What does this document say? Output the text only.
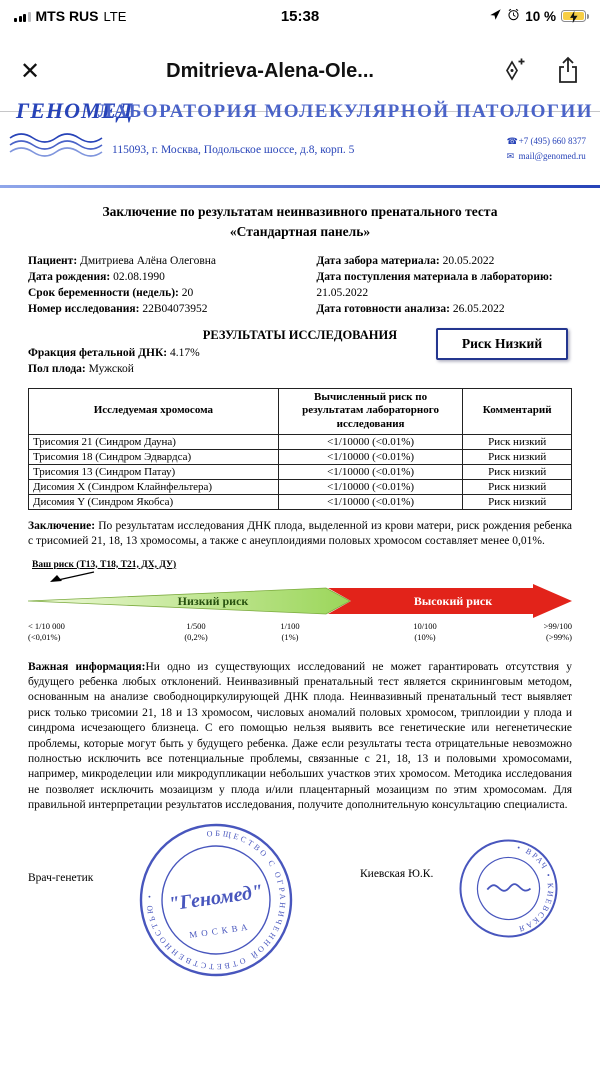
MTS RUS LTE	15:38	10 %
✕	Dmitrieva-Alena-Ole...
ГЕНОМЕД
ЛАБОРАТОРИЯ МОЛЕКУЛЯРНОЙ ПАТОЛОГИИ
115093, г. Москва, Подольское шоссе, д.8, корп. 5
☎+7 (495) 660 8377
✉ mail@genomed.ru
Заключение по результатам неинвазивного пренатального теста
«Стандартная панель»
Пациент: Дмитриева Алёна Олеговна
Дата рождения: 02.08.1990
Срок беременности (недель): 20
Номер исследования: 22B04073952
Дата забора материала: 20.05.2022
Дата поступления материала в лабораторию: 21.05.2022
Дата готовности анализа: 26.05.2022
РЕЗУЛЬТАТЫ ИССЛЕДОВАНИЯ
Фракция фетальной ДНК: 4.17%
Пол плода: Мужской
Риск Низкий
Исследуемая хромосома	Вычисленный риск по результатам лабораторного исследования	Комментарий
Трисомия 21 (Синдром Дауна)	<1/10000 (<0.01%)	Риск низкий
Трисомия 18 (Синдром Эдвардса)	<1/10000 (<0.01%)	Риск низкий
Трисомия 13 (Синдром Патау)	<1/10000 (<0.01%)	Риск низкий
Дисомия X (Синдром Клайнфельтера)	<1/10000 (<0.01%)	Риск низкий
Дисомия Y (Синдром Якобса)	<1/10000 (<0.01%)	Риск низкий

Заключение: По результатам исследования ДНК плода, выделенной из крови матери, риск рождения ребенка с трисомией 21, 18, 13 хромосомы, а также с анеуплоидиями половых хромосом составляет менее 0,01%.

Ваш риск (Т13, Т18, Т21, ДХ, ДУ)
Низкий риск	Высокий риск
< 1/10 000
(<0,01%)
1/500
(0,2%)
1/100
(1%)
10/100
(10%)
>99/100
(>99%)

Важная информация:Ни одно из существующих исследований не может гарантировать отсутствия у будущего ребенка любых отклонений. Неинвазивный пренатальный тест является скрининговым методом, основанным на анализе свободноциркулирующей ДНК плода. Неинвазивный пренатальный тест выявляет риск только трисомии 21, 18 и 13 хромосом, числовых аномалий половых хромосом, триплоидии у плода и синдрома исчезающего близнеца. С его помощью нельзя выявить все генетические или негенетические проблемы, которые могут быть у будущего ребенка. Даже если результаты теста отрицательные невозможно полностью исключить все потенциальные проблемы, связанные с 21, 18, 13 и половыми хромосомами, например, микроделеции или микродупликации небольших участков этих хромосом. Методика исследования не позволяет исключить мозаицизм у плода и/или плацентарный мозаицизм по этим хромосомам. Для правильной интерпретации результатов исследования, получите дополнительную консультацию специалиста.

Врач-генетик	Киевская Ю.К.
ОБЩЕСТВО С ОГРАНИЧЕННОЙ ОТВЕТСТВЕННОСТЬЮ • "Геномед"
МОСКВА
• ВРАЧ • КИЕВСКАЯ
